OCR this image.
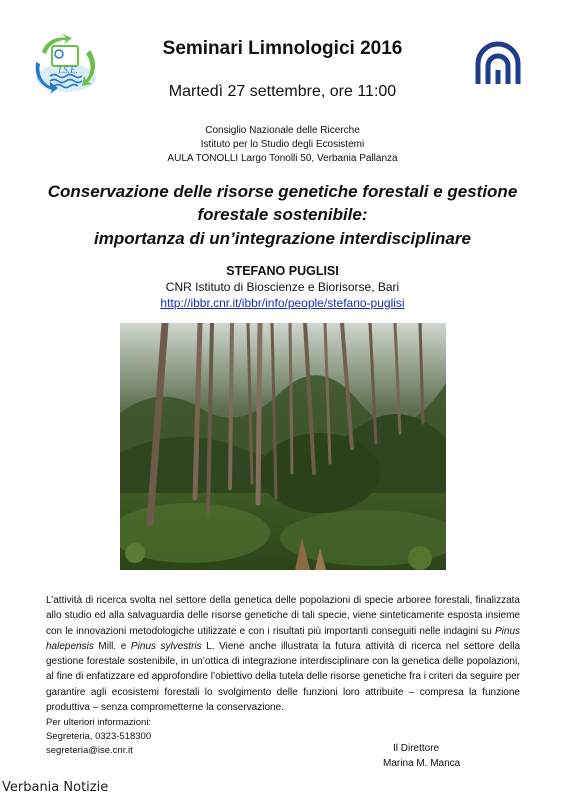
I.S.E.
Seminari Limnologici 2016
Martedì 27 settembre, ore 11:00
Consiglio Nazionale delle Ricerche
Istituto per lo Studio degli Ecosistemi
AULA TONOLLI Largo Tonolli 50, Verbania Pallanza
Conservazione delle risorse genetiche forestali e gestione
forestale sostenibile:
importanza di un’integrazione interdisciplinare
STEFANO PUGLISI
CNR Istituto di Bioscienze e Biorisorse, Bari
http://ibbr.cnr.it/ibbr/info/people/stefano-puglisi
L’attività di ricerca svolta nel settore della genetica delle popolazioni di specie arboree forestali, finalizzata allo studio ed alla salvaguardia delle risorse genetiche di tali specie, viene sinteticamente esposta insieme con le innovazioni metodologiche utilizzate e con i risultati più importanti conseguiti nelle indagini su Pinus halepensis Mill. e Pinus sylvestris L. Viene anche illustrata la futura attività di ricerca nel settore della gestione forestale sostenibile, in un’ottica di integrazione interdisciplinare con la genetica delle popolazioni, al fine di enfatizzare ed approfondire l’obiettivo della tutela delle risorse genetiche fra i criteri da seguire per garantire agli ecosistemi forestali lo svolgimento delle funzioni loro attribuite – compresa la funzione produttiva – senza comprometterne la conservazione.
Per ulteriori informazioni:
Segreteria, 0323-518300
segreteria@ise.cnr.it	Il Direttore
Marina M. Manca
Verbania Notizie
